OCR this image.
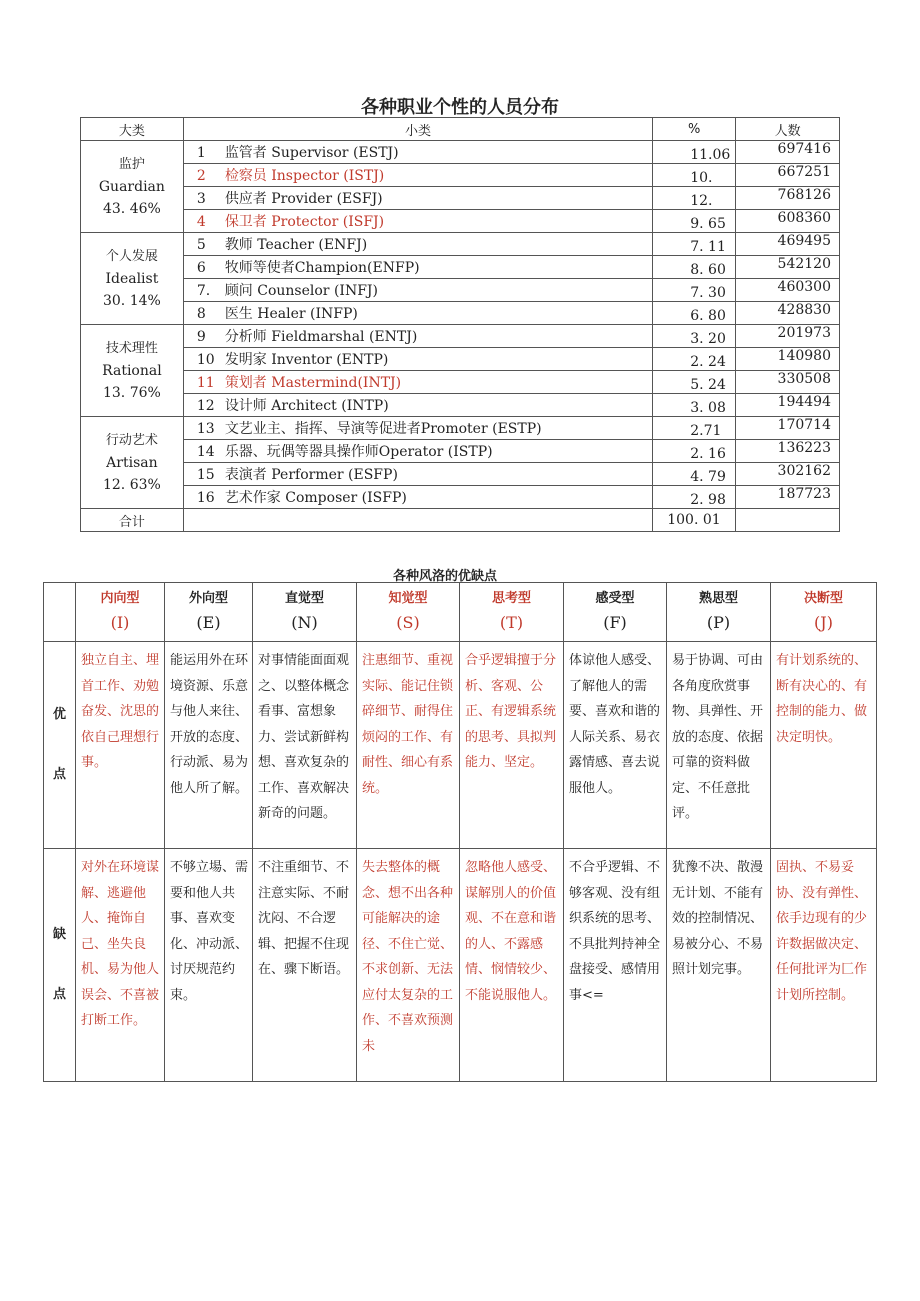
各种职业个性的人员分布
大类	小类	%	人数

监护
Guardian
43. 46%	1 监管者 Supervisor (ESTJ)	11.06	697416
	2 检察员 Inspector (ISTJ)	10.	667251
	3 供应者 Provider (ESFJ)	12.	768126
	4 保卫者 Protector (ISFJ)	9. 65	608360

个人发展
Idealist
30. 14%	5 教师 Teacher (ENFJ)	7. 11	469495
	6 牧师等使者Champion(ENFP)	8. 60	542120
	7. 顾问 Counselor (INFJ)	7. 30	460300
	8 医生 Healer (INFP)	6. 80	428830

技术理性
Rational
13. 76%	9 分析师 Fieldmarshal (ENTJ)	3. 20	201973
	10 发明家 Inventor (ENTP)	2. 24	140980
	11 策划者 Mastermind(INTJ)	5. 24	330508
	12 设计师 Architect (INTP)	3. 08	194494

行动艺术
Artisan
12. 63%	13 文艺业主、指挥、导演等促进者Promoter (ESTP)	2.71	170714
	14 乐器、玩偶等器具操作师Operator (ISTP)	2. 16	136223
	15 表演者 Performer (ESFP)	4. 79	302162
	16 艺术作家 Composer (ISFP)	2. 98	187723
合计		100. 01	
各种风洛的优缺点

	内向型
(I)	外向型
(E)	直觉型
(N)	知觉型
(S)	思考型
(T)	感受型
(F)	熟思型
(P)	决断型
(J)

优
点	独立自主、埋首工作、劝勉奋发、沈思的依自己理想行事。	能运用外在环境资源、乐意与他人来往、开放的态度、行动派、易为他人所了解。	对事情能面面观之、以整体概念看事、富想象力、尝试新鲜构想、喜欢复杂的工作、喜欢解决新奇的问题。	注惠细节、重视实际、能记住锁碎细节、耐得住烦闷的工作、有耐性、细心有系统。	合乎逻辑擅于分析、客观、公正、有逻辑系统的思考、具拟判能力、坚定。	体谅他人感受、了解他人的需要、喜欢和谐的人际关系、易衣露情感、喜去说服他人。	易于协调、可由各角度欣赏事物、具弹性、开放的态度、依据可靠的资料做定、不任意批评。	有计划系统的、断有决心的、有控制的能力、做决定明快。
缺
点	对外在环境谋解、逃避他人、掩饰自己、坐失良机、易为他人误会、不喜被打断工作。	不够立場、需要和他人共事、喜欢变化、冲动派、讨厌规范约束。	不注重细节、不注意实际、不耐沈闷、不合逻辑、把握不住现在、骤下断语。	失去整体的概念、想不出各种可能解决的途径、不住亡觉、不求创新、无法应付太复杂的工作、不喜欢预测未	忽略他人感受、谋解別人的价值观、不在意和谐的人、不露感情、悯情较少、不能说服他人。	不合乎逻辑、不够客观、没有组织系统的思考、不具批判持神全盘接受、感情用事<=	犹豫不决、散漫无计划、不能有效的控制情况、易被分心、不易照计划完事。	固执、不易妥协、没有弹性、依手边现有的少许数据做决定、任何批评为匚作计划所控制。
